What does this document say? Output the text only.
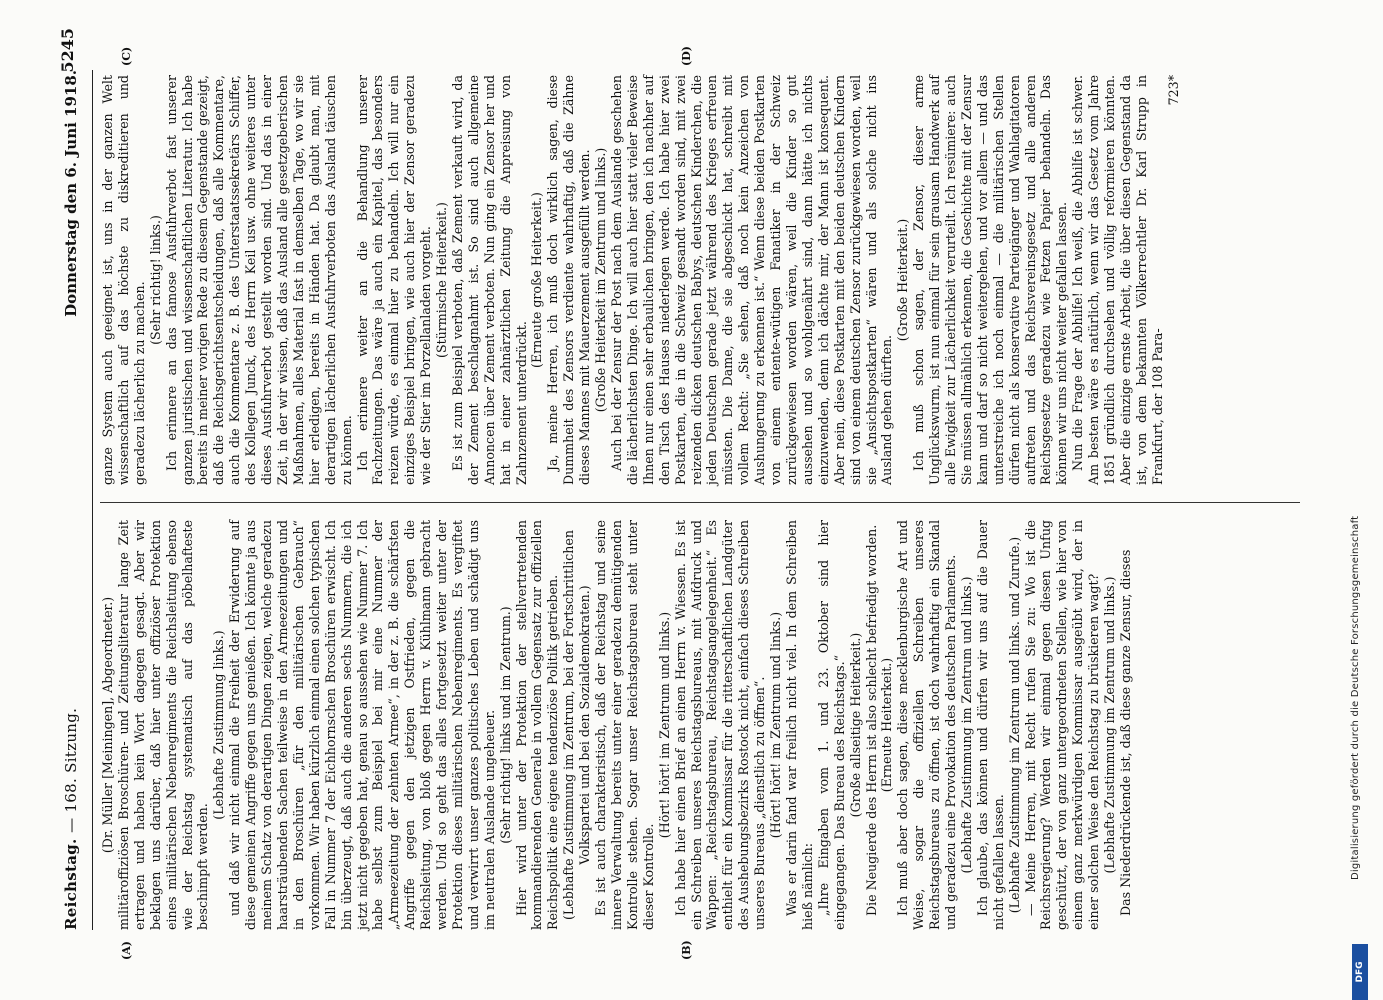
Reichstag. — 168. Sitzung.
Donnerstag den 6. Juni 1918.
5245
(A)	(B)
(C)	(D)

(Dr. Müller [Meiningen], Abgeordneter.) militäroffiziösen Broschüren- und Zeitungsliteratur lange Zeit ertragen und haben kein Wort dagegen gesagt. Aber wir beklagen uns darüber, daß hier unter offiziöser Protektion eines militärischen Nebenregiments die Reichsleitung ebenso wie der Reichstag systematisch auf das pöbelhafteste beschimpft werden.

(Lebhafte Zustimmung links.) und daß wir nicht einmal die Freiheit der Erwiderung auf diese gemeinen Angriffe gegen uns genießen. Ich könnte ja aus meinem Schatz von derartigen Dingen zeigen, welche geradezu haarsträubenden Sachen teilweise in den Armeezeitungen und in den Broschüren „für den militärischen Gebrauch“ vorkommen. Wir haben kürzlich einmal einen solchen typischen Fall in Nummer 7 der Eichhornschen Broschüren erwischt. Ich bin überzeugt, daß auch die anderen sechs Nummern, die ich jetzt nicht gegeben hat, genau so aussehen wie Nummer 7. Ich habe selbst zum Beispiel bei mir eine Nummer der „Armeezeitung der zehnten Armee“, in der z. B. die schärfsten Angriffe gegen den jetzigen Ostfrieden, gegen die Reichsleitung, von bloß gegen Herrn v. Kühlmann gebracht werden. Und so geht das alles fortgesetzt weiter unter der Protektion dieses militärischen Nebenregiments. Es vergiftet und verwirrt unser ganzes politisches Leben und schädigt uns im neutralen Auslande ungeheuer. (Sehr richtig! links und im Zentrum.) Hier wird unter der Protektion der stellvertretenden kommandierenden Generale in vollem Gegensatz zur offiziellen Reichspolitik eine eigene tendenziöse Politik getrieben. (Lebhafte Zustimmung im Zentrum, bei der Fortschrittlichen Volkspartei und bei den Sozialdemokraten.) Es ist auch charakteristisch, daß der Reichstag und seine innere Verwaltung bereits unter einer geradezu demütigenden Kontrolle stehen. Sogar unser Reichstagsbureau steht unter dieser Kontrolle.

(Hört! hört! im Zentrum und links.) Ich habe hier einen Brief an einen Herrn v. Wiessen. Es ist ein Schreiben unseres Reichstagsbureaus, mit Aufdruck und Wappen: „Reichstagsbureau, Reichstagsangelegenheit.“ Es enthielt für ein Kommissar für die ritterschaftlichen Landgüter des Aushebungsbezirks Rostock nicht, einfach dieses Schreiben unseres Bureaus „dienstlich zu öffnen“. (Hört! hört! im Zentrum und links.) Was er darin fand war freilich nicht viel. In dem Schreiben hieß nämlich: „Ihre Eingaben vom 1. und 23. Oktober sind hier eingegangen. Das Bureau des Reichstags.“ (Große allseitige Heiterkeit.) Die Neugierde des Herrn ist also schlecht befriedigt worden. (Erneute Heiterkeit.) Ich muß aber doch sagen, diese mecklenburgische Art und Weise, sogar die offiziellen Schreiben unseres Reichstagsbureaus zu öffnen, ist doch wahrhaftig ein Skandal und geradezu eine Provokation des deutschen Parlaments. (Lebhafte Zustimmung im Zentrum und links.) Ich glaube, das können und dürfen wir uns auf die Dauer nicht gefallen lassen. (Lebhafte Zustimmung im Zentrum und links. und Zurufe.) — Meine Herren, mit Recht rufen Sie zu: Wo ist die Reichsregierung? Werden wir einmal gegen diesen Unfug geschützt, der von ganz untergeordneten Stellen, wie hier von einem ganz merkwürdigen Kommissar ausgeübt wird, der in einer solchen Weise den Reichstag zu brüskieren wagt? (Lebhafte Zustimmung im Zentrum und links.) Das Niederdrückende ist, daß diese ganze Zensur, dieses

ganze System auch geeignet ist, uns in der ganzen Welt wissenschaftlich auf das höchste zu diskreditieren und geradezu lächerlich zu machen.

(Sehr richtig! links.) Ich erinnere an das famose Ausfuhrverbot fast unserer ganzen juristischen und wissenschaftlichen Literatur. Ich habe bereits in meiner vorigen Rede zu diesem Gegenstande gezeigt, daß die Reichsgerichtsentscheidungen, daß alle Kommentare, auch die Kommentare z. B. des Unterstaatssekretärs Schiffer, des Kollegen Junck, des Herrn Keil usw. ohne weiteres unter dieses Ausfuhrverbot gestellt worden sind. Und das in einer Zeit, in der wir wissen, daß das Ausland alle gesetzgeberischen Maßnahmen, alles Material fast in demselben Tage, wo wir sie hier erledigen, bereits in Händen hat. Da glaubt man, mit derartigen lächerlichen Ausfuhrverboten das Ausland täuschen zu können. Ich erinnere weiter an die Behandlung unserer Fachzeitungen. Das wäre ja auch ein Kapitel, das besonders reizen würde, es einmal hier zu behandeln. Ich will nur ein einziges Beispiel bringen, wie auch hier der Zensor geradezu wie der Stier im Porzellanladen vorgeht. (Stürmische Heiterkeit.) Es ist zum Beispiel verboten, daß Zement verkauft wird, da der Zement beschlagnahmt ist. So sind auch allgemeine Annoncen über Zement verboten. Nun ging ein Zensor her und hat in einer zahnärztlichen Zeitung die Anpreisung von Zahnzement unterdrückt.

(Erneute große Heiterkeit.) Ja, meine Herren, ich muß doch wirklich sagen, diese Dummheit des Zensors verdiente wahrhaftig, daß die Zähne dieses Mannes mit Mauerzement ausgefüllt werden. (Große Heiterkeit im Zentrum und links.) Auch bei der Zensur der Post nach dem Auslande geschehen die lächerlichsten Dinge. Ich will auch hier statt vieler Beweise Ihnen nur einen sehr erbaulichen bringen, den ich nachher auf den Tisch des Hauses niederlegen werde. Ich habe hier zwei Postkarten, die in die Schweiz gesandt worden sind, mit zwei reizenden dicken deutschen Babys, deutschen Kinderchen, die jeden Deutschen gerade jetzt während des Krieges erfreuen müssten. Die Dame, die sie abgeschickt hat, schreibt mit vollem Recht: „Sie sehen, daß noch kein Anzeichen von Aushungerung zu erkennen ist.“ Wenn diese beiden Postkarten von einem entente-wütigen Fanatiker in der Schweiz zurückgewiesen worden wären, weil die Kinder so gut aussehen und so wohlgenährt sind, dann hätte ich nichts einzuwenden, denn ich dächte mir, der Mann ist konsequent. Aber nein, diese Postkarten mit den beiden deutschen Kindern sind von einem deutschen Zensor zurückgewiesen worden, weil sie „Ansichtspostkarten“ wären und als solche nicht ins Ausland gehen dürften.

(Große Heiterkeit.) Ich muß schon sagen, der Zensor, dieser arme Unglückswurm, ist nun einmal für sein grausam Handwerk auf alle Ewigkeit zur Lächerlichkeit verurteilt. Ich resümiere: auch Sie müssen allmählich erkennen, die Geschichte mit der Zensur kann und darf so nicht weitergehen, und vor allem — und das unterstreiche ich noch einmal — die militärischen Stellen dürfen nicht als konservative Parteigänger und Wahlagitatoren auftreten und das Reichsvereinsgesetz und alle anderen Reichsgesetze geradezu wie Fetzen Papier behandeln. Das können wir uns nicht weiter gefallen lassen. Nun die Frage der Abhilfe! Ich weiß, die Abhilfe ist schwer. Am besten wäre es natürlich, wenn wir das Gesetz vom Jahre 1851 gründlich durchsehen und völlig reformieren könnten. Aber die einzige ernste Arbeit, die über diesen Gegenstand da ist, von dem bekannten Völkerrechtler Dr. Karl Strupp in Frankfurt, der 108 Para-

723*

DFG
Digitalisierung gefördert durch die Deutsche Forschungsgemeinschaft
